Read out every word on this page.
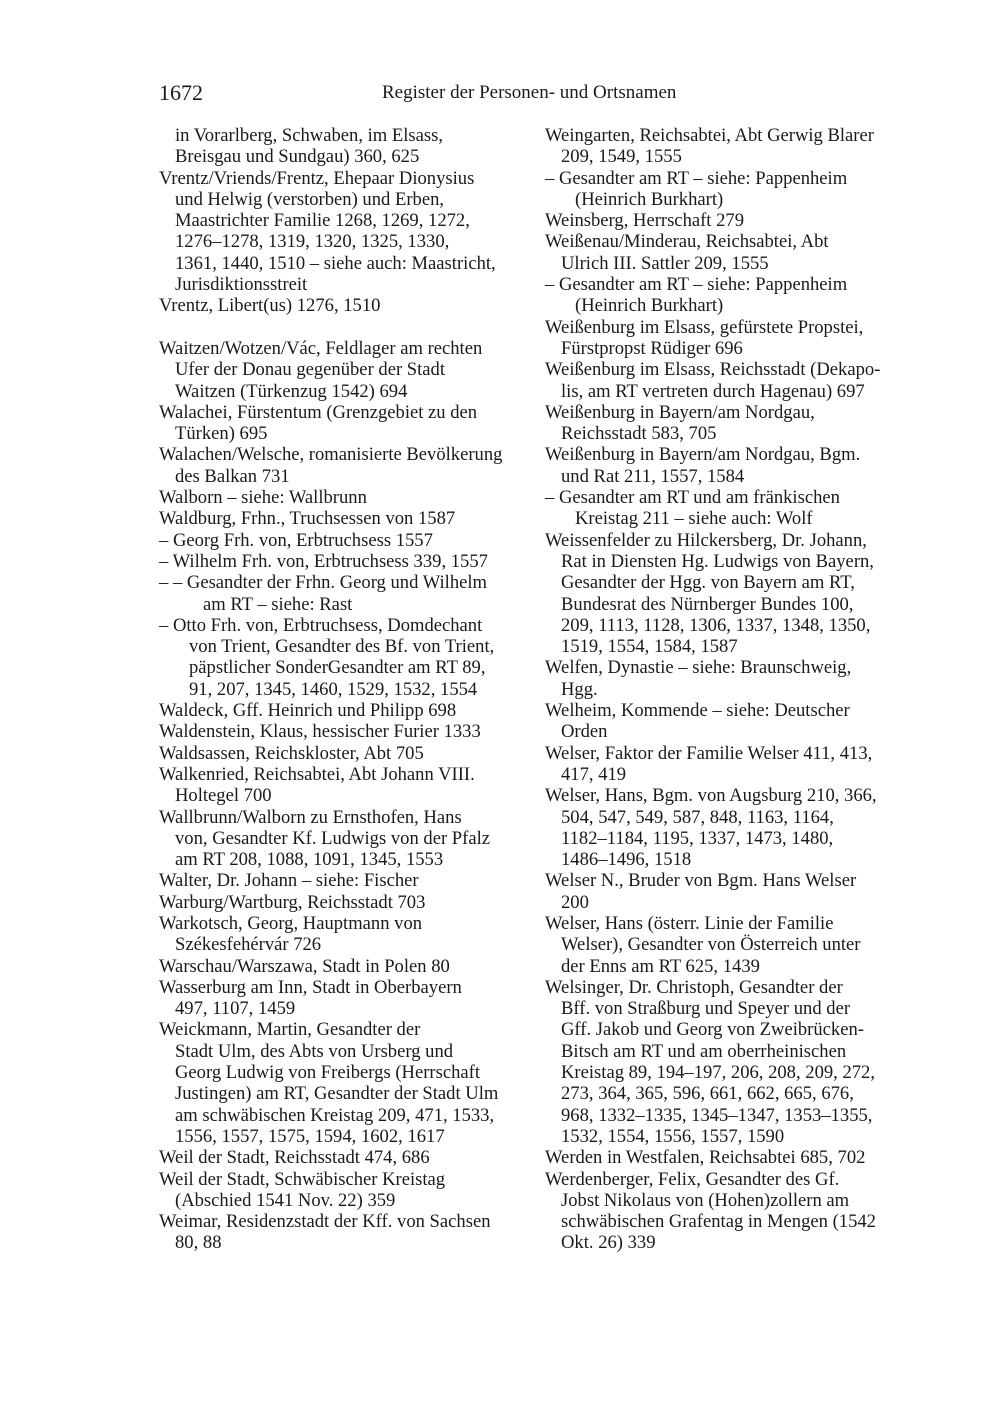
1672	Register der Personen- und Ortsnamen
in Vorarlberg, Schwaben, im Elsass,
Breisgau und Sundgau) 360, 625
Vrentz/Vriends/Frentz, Ehepaar Dionysius
und Helwig (verstorben) und Erben,
Maastrichter Familie 1268, 1269, 1272,
1276–1278, 1319, 1320, 1325, 1330,
1361, 1440, 1510 – siehe auch: Maastricht,
Jurisdiktionsstreit
Vrentz, Libert(us) 1276, 1510
Waitzen/Wotzen/Vác, Feldlager am rechten
Ufer der Donau gegenüber der Stadt
Waitzen (Türkenzug 1542) 694
Walachei, Fürstentum (Grenzgebiet zu den
Türken) 695
Walachen/Welsche, romanisierte Bevölkerung
des Balkan 731
Walborn – siehe: Wallbrunn
Waldburg, Frhn., Truchsessen von 1587
– Georg Frh. von, Erbtruchsess 1557
– Wilhelm Frh. von, Erbtruchsess 339, 1557
– – Gesandter der Frhn. Georg und Wilhelm
am RT – siehe: Rast
– Otto Frh. von, Erbtruchsess, Domdechant
von Trient, Gesandter des Bf. von Trient,
päpstlicher SonderGesandter am RT 89,
91, 207, 1345, 1460, 1529, 1532, 1554
Waldeck, Gff. Heinrich und Philipp 698
Waldenstein, Klaus, hessischer Furier 1333
Waldsassen, Reichskloster, Abt 705
Walkenried, Reichsabtei, Abt Johann VIII.
Holtegel 700
Wallbrunn/Walborn zu Ernsthofen, Hans
von, Gesandter Kf. Ludwigs von der Pfalz
am RT 208, 1088, 1091, 1345, 1553
Walter, Dr. Johann – siehe: Fischer
Warburg/Wartburg, Reichsstadt 703
Warkotsch, Georg, Hauptmann von
Székesfehérvár 726
Warschau/Warszawa, Stadt in Polen 80
Wasserburg am Inn, Stadt in Oberbayern
497, 1107, 1459
Weickmann, Martin, Gesandter der
Stadt Ulm, des Abts von Ursberg und
Georg Ludwig von Freibergs (Herrschaft
Justingen) am RT, Gesandter der Stadt Ulm
am schwäbischen Kreistag 209, 471, 1533,
1556, 1557, 1575, 1594, 1602, 1617
Weil der Stadt, Reichsstadt 474, 686
Weil der Stadt, Schwäbischer Kreistag
(Abschied 1541 Nov. 22) 359
Weimar, Residenzstadt der Kff. von Sachsen
80, 88
Weingarten, Reichsabtei, Abt Gerwig Blarer
209, 1549, 1555
– Gesandter am RT – siehe: Pappenheim
(Heinrich Burkhart)
Weinsberg, Herrschaft 279
Weißenau/Minderau, Reichsabtei, Abt
Ulrich III. Sattler 209, 1555
– Gesandter am RT – siehe: Pappenheim
(Heinrich Burkhart)
Weißenburg im Elsass, gefürstete Propstei,
Fürstpropst Rüdiger 696
Weißenburg im Elsass, Reichsstadt (Dekapo-
lis, am RT vertreten durch Hagenau) 697
Weißenburg in Bayern/am Nordgau,
Reichsstadt 583, 705
Weißenburg in Bayern/am Nordgau, Bgm.
und Rat 211, 1557, 1584
– Gesandter am RT und am fränkischen
Kreistag 211 – siehe auch: Wolf
Weissenfelder zu Hilckersberg, Dr. Johann,
Rat in Diensten Hg. Ludwigs von Bayern,
Gesandter der Hgg. von Bayern am RT,
Bundesrat des Nürnberger Bundes 100,
209, 1113, 1128, 1306, 1337, 1348, 1350,
1519, 1554, 1584, 1587
Welfen, Dynastie – siehe: Braunschweig,
Hgg.
Welheim, Kommende – siehe: Deutscher
Orden
Welser, Faktor der Familie Welser 411, 413,
417, 419
Welser, Hans, Bgm. von Augsburg 210, 366,
504, 547, 549, 587, 848, 1163, 1164,
1182–1184, 1195, 1337, 1473, 1480,
1486–1496, 1518
Welser N., Bruder von Bgm. Hans Welser
200
Welser, Hans (österr. Linie der Familie
Welser), Gesandter von Österreich unter
der Enns am RT 625, 1439
Welsinger, Dr. Christoph, Gesandter der
Bff. von Straßburg und Speyer und der
Gff. Jakob und Georg von Zweibrücken-
Bitsch am RT und am oberrheinischen
Kreistag 89, 194–197, 206, 208, 209, 272,
273, 364, 365, 596, 661, 662, 665, 676,
968, 1332–1335, 1345–1347, 1353–1355,
1532, 1554, 1556, 1557, 1590
Werden in Westfalen, Reichsabtei 685, 702
Werdenberger, Felix, Gesandter des Gf.
Jobst Nikolaus von (Hohen)zollern am
schwäbischen Grafentag in Mengen (1542
Okt. 26) 339
